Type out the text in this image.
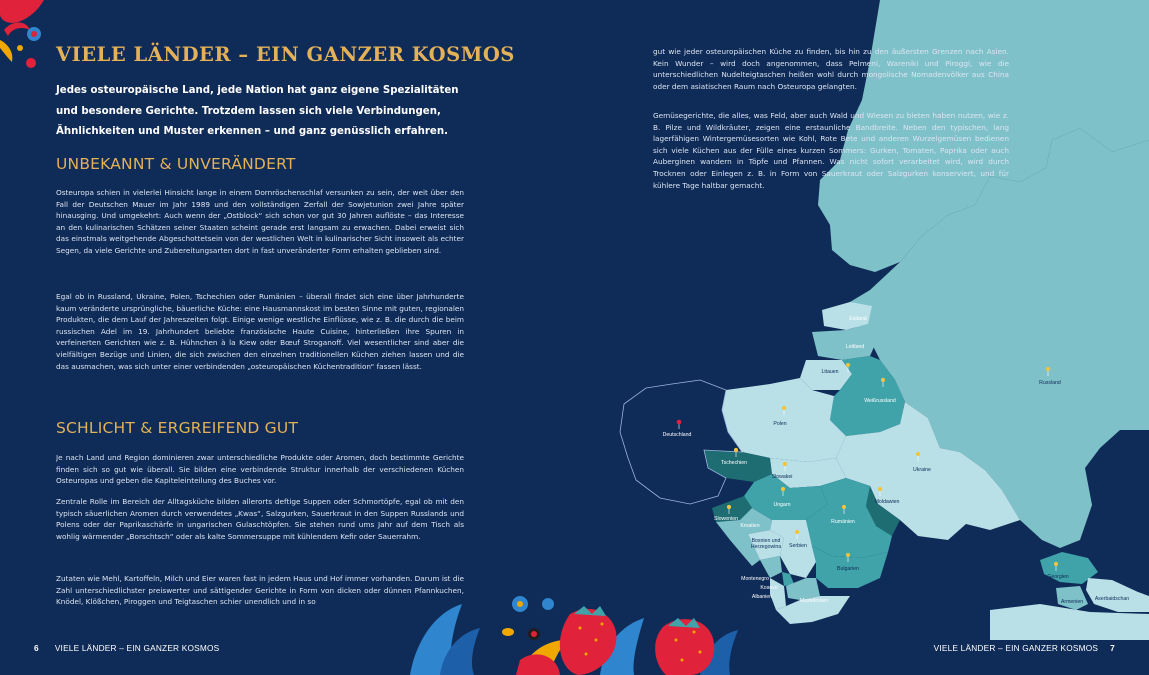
Estland
Lettland
Litauen
Weißrussland
Russland
Polen
Deutschland
Tschechien
Slowakei
Ukraine
Ungarn	Moldawien
Slowenien	Rumänien
Kroatien
Bosnien und
Herzegowina Serbien
Bulgarien
Montenegro
Kosovo
Albanien
Mazedonien
Georgien
Armenien Aserbaidschan
VIELE LÄNDER – EIN GANZER KOSMOS

Jedes osteuropäische Land, jede Nation hat ganz eigene Spezialitäten und besondere Gerichte. Trotzdem lassen sich viele Verbindungen, Ähnlichkeiten und Muster erkennen – und ganz genüsslich erfahren.

UNBEKANNT & UNVERÄNDERT

Osteuropa schien in vielerlei Hinsicht lange in einem Dornröschenschlaf versunken zu sein, der weit über den Fall der Deutschen Mauer im Jahr 1989 und den vollständigen Zerfall der Sowjetunion zwei Jahre später hinausging. Und umgekehrt: Auch wenn der „Ostblock“ sich schon vor gut 30 Jahren auflöste – das Interesse an den kulinarischen Schätzen seiner Staaten scheint gerade erst langsam zu erwachen. Dabei erweist sich das einstmals weitgehende Abgeschottetsein von der westlichen Welt in kulinarischer Sicht insoweit als echter Segen, da viele Gerichte und Zubereitungsarten dort in fast unveränderter Form erhalten geblieben sind.

Egal ob in Russland, Ukraine, Polen, Tschechien oder Rumänien – überall findet sich eine über Jahrhunderte kaum veränderte ursprüngliche, bäuerliche Küche: eine Hausmannskost im besten Sinne mit guten, regionalen Produkten, die dem Lauf der Jahreszeiten folgt. Einige wenige westliche Einflüsse, wie z. B. die durch die beim russischen Adel im 19. Jahrhundert beliebte französische Haute Cuisine, hinterließen ihre Spuren in verfeinerten Gerichten wie z. B. Hühnchen à la Kiew oder Bœuf Stroganoff. Viel wesentlicher sind aber die vielfältigen Bezüge und Linien, die sich zwischen den einzelnen traditionellen Küchen ziehen lassen und die das ausmachen, was sich unter einer verbindenden „osteuropäischen Küchentradition“ fassen lässt.

SCHLICHT & ERGREIFEND GUT

Je nach Land und Region dominieren zwar unterschiedliche Produkte oder Aromen, doch bestimmte Gerichte finden sich so gut wie überall. Sie bilden eine verbindende Struktur innerhalb der verschiedenen Küchen Osteuropas und geben die Kapiteleinteilung des Buches vor.

Zentrale Rolle im Bereich der Alltagsküche bilden allerorts deftige Suppen oder Schmortöpfe, egal ob mit den typisch säuerlichen Aromen durch verwendetes „Kwas“, Salzgurken, Sauerkraut in den Suppen Russlands und Polens oder der Paprikaschärfe in ungarischen Gulaschtöpfen. Sie stehen rund ums Jahr auf dem Tisch als wohlig wärmender „Borschtsch“ oder als kalte Sommersuppe mit kühlendem Kefir oder Sauerrahm.

Zutaten wie Mehl, Kartoffeln, Milch und Eier waren fast in jedem Haus und Hof immer vorhanden. Darum ist die Zahl unterschiedlichster preiswerter und sättigender Gerichte in Form von dicken oder dünnen Pfannkuchen, Knödel, Klößchen, Piroggen und Teigtaschen schier unendlich und in so

gut wie jeder osteuropäischen Küche zu finden, bis hin zu den äußersten Grenzen nach Asien. Kein Wunder – wird doch angenommen, dass Pelmeni, Wareniki und Piroggi, wie die unterschiedlichen Nudelteigtaschen heißen wohl durch mongolische Nomadenvölker aus China oder dem asiatischen Raum nach Osteuropa gelangten.

Gemüsegerichte, die alles, was Feld, aber auch Wald und Wiesen zu bieten haben nutzen, wie z. B. Pilze und Wildkräuter, zeigen eine erstaunliche Bandbreite. Neben den typischen, lang lagerfähigen Wintergemüsesorten wie Kohl, Rote Bete und anderen Wurzelgemüsen bedienen sich viele Küchen aus der Fülle eines kurzen Sommers: Gurken, Tomaten, Paprika oder auch Auberginen wandern in Töpfe und Pfannen. Was nicht sofort verarbeitet wird, wird durch Trocknen oder Einlegen z. B. in Form von Sauerkraut oder Salzgurken konserviert, und für kühlere Tage haltbar gemacht.

6 VIELE LÄNDER – EIN GANZER KOSMOS	VIELE LÄNDER – EIN GANZER KOSMOS 7
